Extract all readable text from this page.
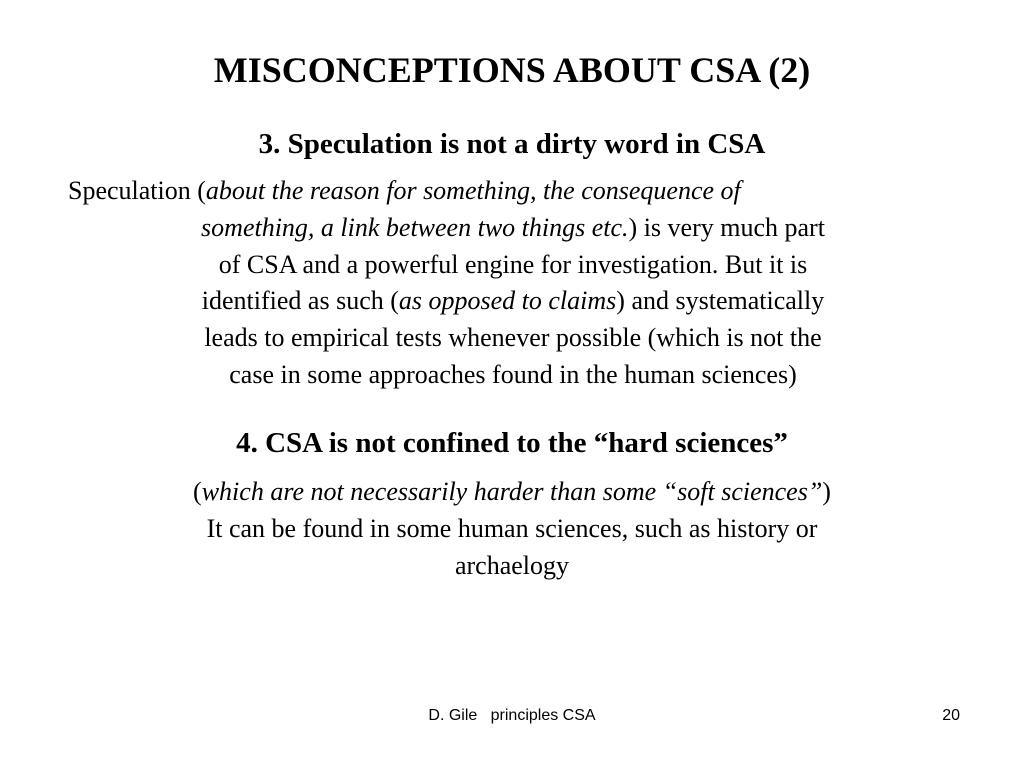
MISCONCEPTIONS ABOUT CSA (2)
3. Speculation is not a dirty word in CSA
Speculation (about the reason for something, the consequence of
something, a link between two things etc.) is very much part
of CSA and a powerful engine for investigation. But it is
identified as such (as opposed to claims) and systematically
leads to empirical tests whenever possible (which is not the
case in some approaches found in the human sciences)
4. CSA is not confined to the “hard sciences”
(which are not necessarily harder than some “soft sciences”)
It can be found in some human sciences, such as history or
archaelogy
D. Gile   principles CSA	20
